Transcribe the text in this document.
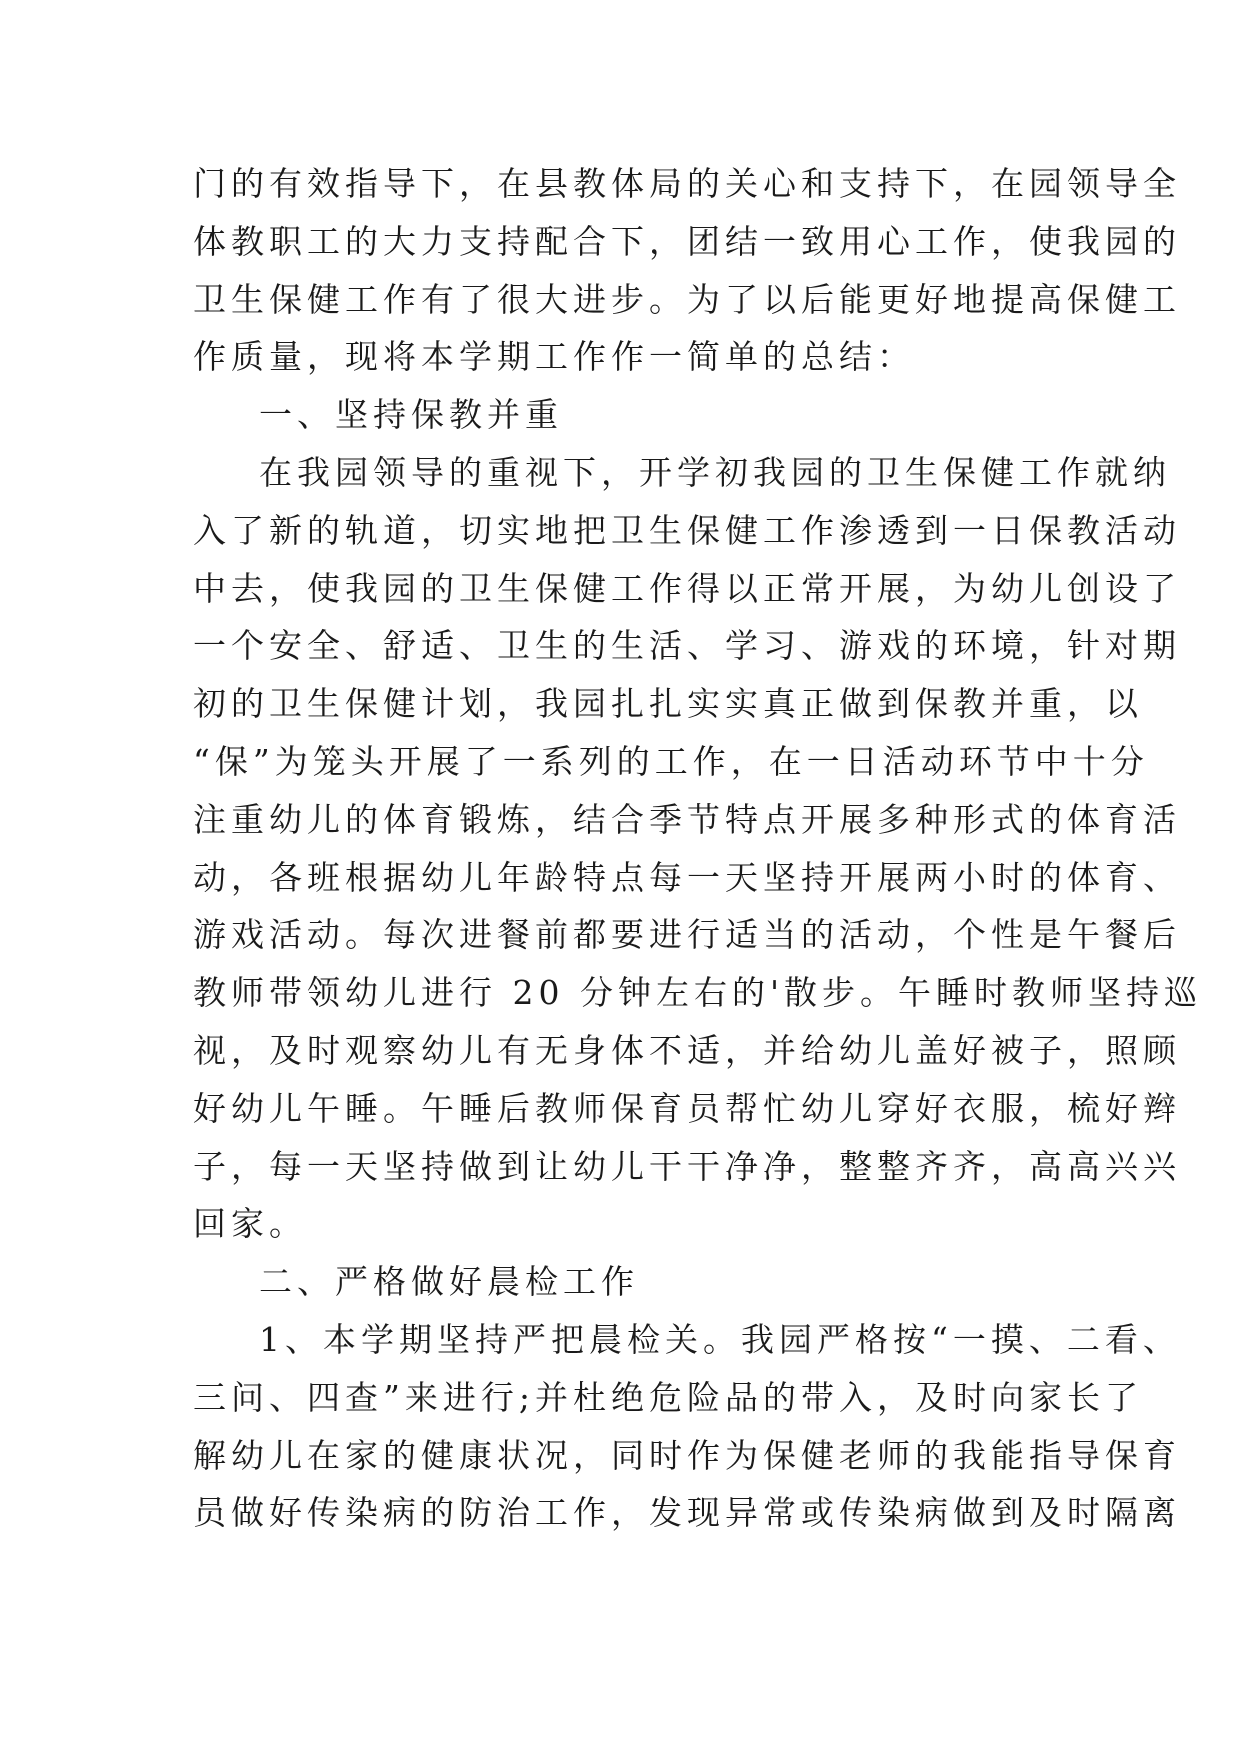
门的有效指导下，在县教体局的关心和支持下，在园领导全
体教职工的大力支持配合下，团结一致用心工作，使我园的
卫生保健工作有了很大进步。为了以后能更好地提高保健工
作质量，现将本学期工作作一简单的总结：
一、坚持保教并重
在我园领导的重视下，开学初我园的卫生保健工作就纳
入了新的轨道，切实地把卫生保健工作渗透到一日保教活动
中去，使我园的卫生保健工作得以正常开展，为幼儿创设了
一个安全、舒适、卫生的生活、学习、游戏的环境，针对期
初的卫生保健计划，我园扎扎实实真正做到保教并重，以
“保”为笼头开展了一系列的工作，在一日活动环节中十分
注重幼儿的体育锻炼，结合季节特点开展多种形式的体育活
动，各班根据幼儿年龄特点每一天坚持开展两小时的体育、
游戏活动。每次进餐前都要进行适当的活动，个性是午餐后
教师带领幼儿进行 20 分钟左右的'散步。午睡时教师坚持巡
视，及时观察幼儿有无身体不适，并给幼儿盖好被子，照顾
好幼儿午睡。午睡后教师保育员帮忙幼儿穿好衣服，梳好辫
子，每一天坚持做到让幼儿干干净净，整整齐齐，高高兴兴
回家。
二、严格做好晨检工作
1、本学期坚持严把晨检关。我园严格按“一摸、二看、
三问、四查”来进行;并杜绝危险品的带入，及时向家长了
解幼儿在家的健康状况，同时作为保健老师的我能指导保育
员做好传染病的防治工作，发现异常或传染病做到及时隔离
